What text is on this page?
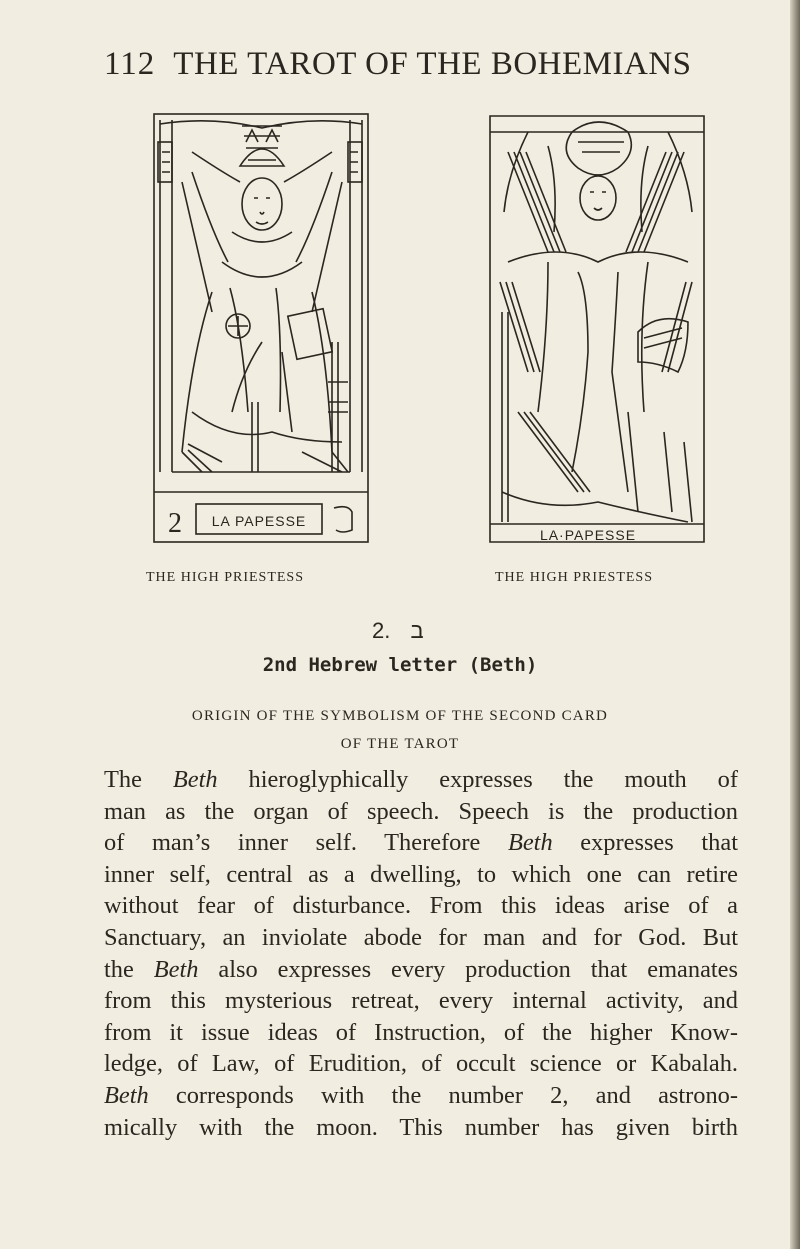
112 THE TAROT OF THE BOHEMIANS
2 LA PAPESSE
LA·PAPESSE
THE HIGH PRIESTESS	THE HIGH PRIESTESS
2. ב
2nd Hebrew letter (Beth)
ORIGIN OF THE SYMBOLISM OF THE SECOND CARD
OF THE TAROT
The Beth hieroglyphically expresses the mouth of
man as the organ of speech. Speech is the production
of man’s inner self. Therefore Beth expresses that
inner self, central as a dwelling, to which one can retire
without fear of disturbance. From this ideas arise of a
Sanctuary, an inviolate abode for man and for God. But
the Beth also expresses every production that emanates
from this mysterious retreat, every internal activity, and
from it issue ideas of Instruction, of the higher Know-
ledge, of Law, of Erudition, of occult science or Kabalah.
Beth corresponds with the number 2, and astrono-
mically with the moon. This number has given birth
